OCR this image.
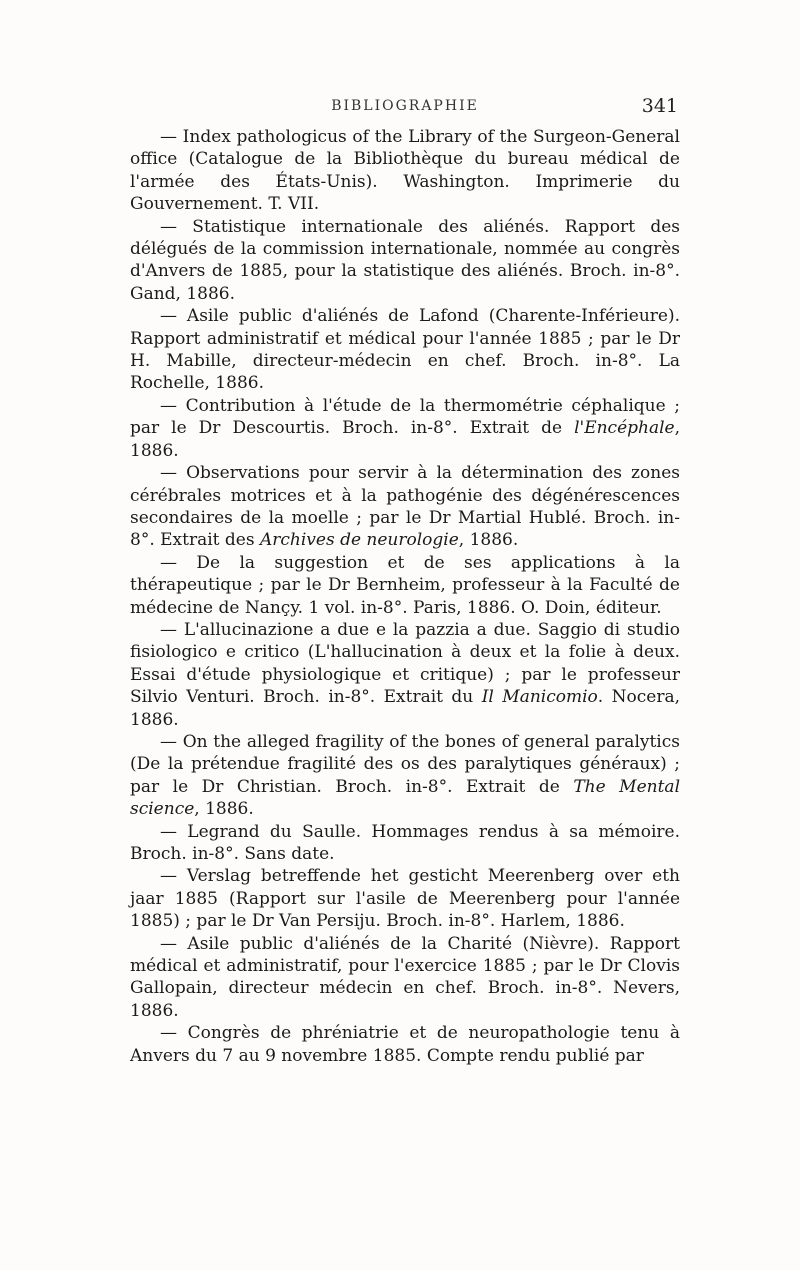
BIBLIOGRAPHIE	341

— Index pathologicus of the Library of the Surgeon-General office (Catalogue de la Bibliothèque du bureau médical de l'armée des États-Unis). Washington. Imprimerie du Gouvernement. T. VII.

— Statistique internationale des aliénés. Rapport des délégués de la commission internationale, nommée au congrès d'Anvers de 1885, pour la statistique des aliénés. Broch. in-8°. Gand, 1886.

— Asile public d'aliénés de Lafond (Charente-Inférieure). Rapport administratif et médical pour l'année 1885 ; par le Dr H. Mabille, directeur-médecin en chef. Broch. in-8°. La Rochelle, 1886.

— Contribution à l'étude de la thermométrie céphalique ; par le Dr Descourtis. Broch. in-8°. Extrait de l'Encéphale, 1886.

— Observations pour servir à la détermination des zones cérébrales motrices et à la pathogénie des dégénérescences secondaires de la moelle ; par le Dr Martial Hublé. Broch. in-8°. Extrait des Archives de neurologie, 1886.

— De la suggestion et de ses applications à la thérapeutique ; par le Dr Bernheim, professeur à la Faculté de médecine de Nançy. 1 vol. in-8°. Paris, 1886. O. Doin, éditeur.

— L'allucinazione a due e la pazzia a due. Saggio di studio fisiologico e critico (L'hallucination à deux et la folie à deux. Essai d'étude physiologique et critique) ; par le professeur Silvio Venturi. Broch. in-8°. Extrait du Il Manicomio. Nocera, 1886.

— On the alleged fragility of the bones of general paralytics (De la prétendue fragilité des os des paralytiques généraux) ; par le Dr Christian. Broch. in-8°. Extrait de The Mental science, 1886.

— Legrand du Saulle. Hommages rendus à sa mémoire. Broch. in-8°. Sans date.

— Verslag betreffende het gesticht Meerenberg over eth jaar 1885 (Rapport sur l'asile de Meerenberg pour l'année 1885) ; par le Dr Van Persiju. Broch. in-8°. Harlem, 1886.

— Asile public d'aliénés de la Charité (Nièvre). Rapport médical et administratif, pour l'exercice 1885 ; par le Dr Clovis Gallopain, directeur médecin en chef. Broch. in-8°. Nevers, 1886.

— Congrès de phréniatrie et de neuropathologie tenu à Anvers du 7 au 9 novembre 1885. Compte rendu publié par
